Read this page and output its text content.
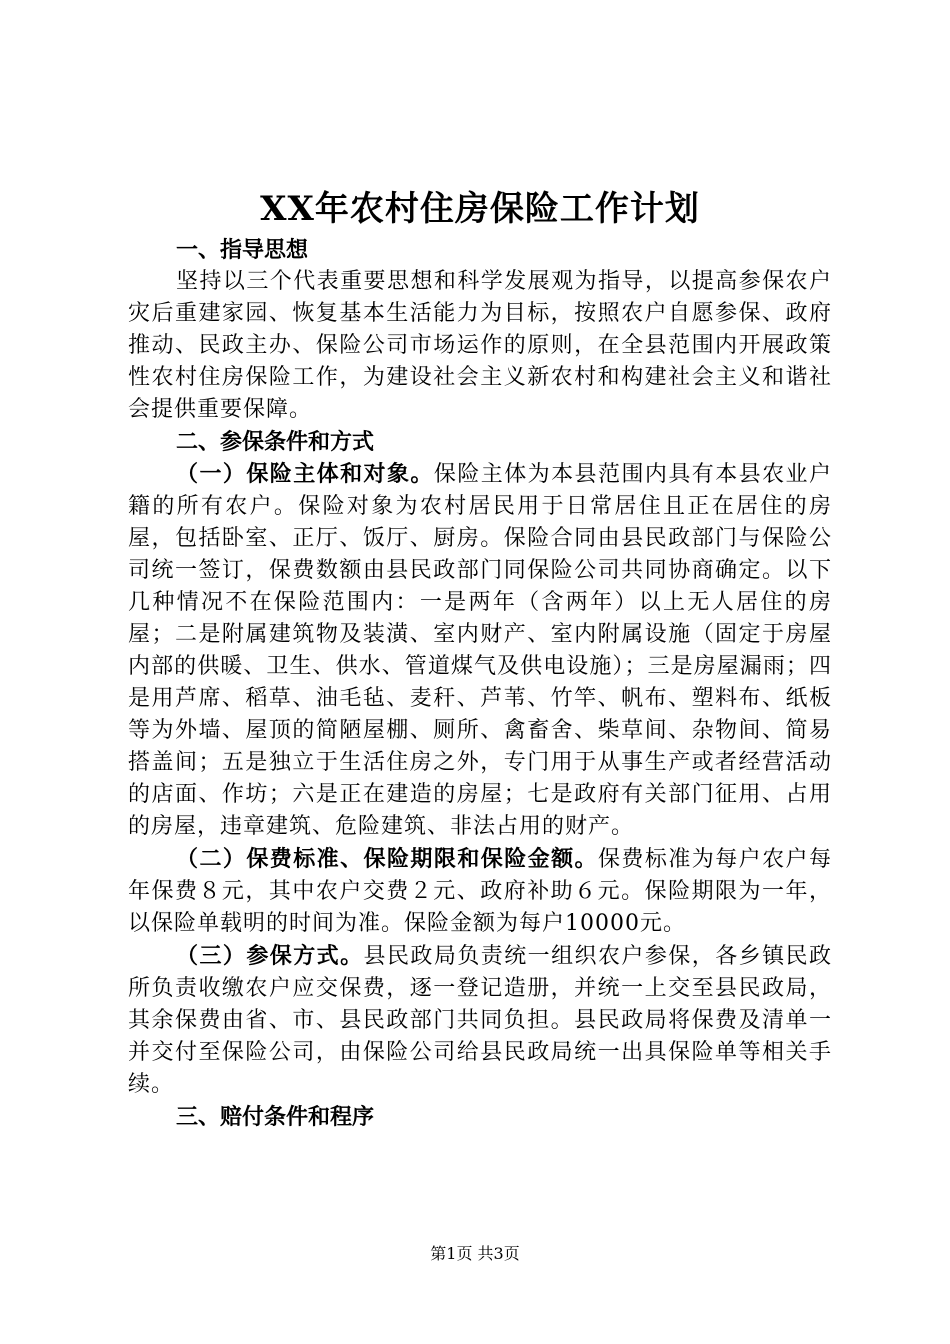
XX年农村住房保险工作计划

一、指导思想

坚持以三个代表重要思想和科学发展观为指导，以提高参保农户灾后重建家园、恢复基本生活能力为目标，按照农户自愿参保、政府推动、民政主办、保险公司市场运作的原则，在全县范围内开展政策性农村住房保险工作，为建设社会主义新农村和构建社会主义和谐社会提供重要保障。

二、参保条件和方式

（一）保险主体和对象。保险主体为本县范围内具有本县农业户籍的所有农户。保险对象为农村居民用于日常居住且正在居住的房屋，包括卧室、正厅、饭厅、厨房。保险合同由县民政部门与保险公司统一签订，保费数额由县民政部门同保险公司共同协商确定。以下几种情况不在保险范围内：一是两年（含两年）以上无人居住的房屋；二是附属建筑物及装潢、室内财产、室内附属设施（固定于房屋内部的供暖、卫生、供水、管道煤气及供电设施）；三是房屋漏雨；四是用芦席、稻草、油毛毡、麦秆、芦苇、竹竿、帆布、塑料布、纸板等为外墙、屋顶的简陋屋棚、厕所、禽畜舍、柴草间、杂物间、简易搭盖间；五是独立于生活住房之外，专门用于从事生产或者经营活动的店面、作坊；六是正在建造的房屋；七是政府有关部门征用、占用的房屋，违章建筑、危险建筑、非法占用的财产。

（二）保费标准、保险期限和保险金额。保费标准为每户农户每年保费８元，其中农户交费２元、政府补助６元。保险期限为一年，以保险单载明的时间为准。保险金额为每户10000元。

（三）参保方式。县民政局负责统一组织农户参保，各乡镇民政所负责收缴农户应交保费，逐一登记造册，并统一上交至县民政局，其余保费由省、市、县民政部门共同负担。县民政局将保费及清单一并交付至保险公司，由保险公司给县民政局统一出具保险单等相关手续。

三、赔付条件和程序

第1页 共3页
